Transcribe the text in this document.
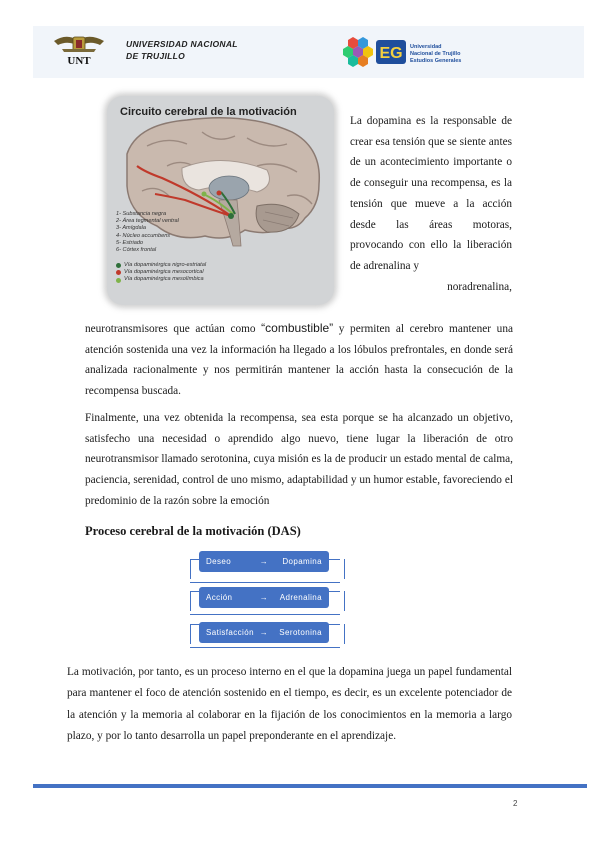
UNT
UNIVERSIDAD NACIONAL
DE TRUJILLO	EG Universidad
Nacional de Trujillo
Estudios Generales
Circuito cerebral de la motivación
1- Substancia negra
2- Área tegmental ventral
3- Amígdala
4- Núcleo accumbens
5- Estriado
6- Córtex frontal
Vía dopaminérgica nigro-estriatal
Vía dopaminérgica mesocortical
Vía dopaminérgica mesolímbica
La dopamina es la responsable de crear esa tensión que se siente antes de un acontecimiento importante o de conseguir una recompensa, es la tensión que mueve a la acción desde las áreas motoras, provocando con ello la liberación de adrenalina y
noradrenalina,
neurotransmisores que actúan como “combustible” y permiten al cerebro mantener una atención sostenida una vez la información ha llegado a los lóbulos prefrontales, en donde será analizada racionalmente y nos permitirán mantener la acción hasta la consecución de la recompensa buscada.
Finalmente, una vez obtenida la recompensa, sea esta porque se ha alcanzado un objetivo, satisfecho una necesidad o aprendido algo nuevo, tiene lugar la liberación de otro neurotransmisor llamado serotonina, cuya misión es la de producir un estado mental de calma, paciencia, serenidad, control de uno mismo, adaptabilidad y un humor estable, favoreciendo el predominio de la razón sobre la emoción
Proceso cerebral de la motivación (DAS)
Deseo	→	Dopamina
Acción	→	Adrenalina
Satisfacción →	Serotonina
La motivación, por tanto, es un proceso interno en el que la dopamina juega un papel fundamental para mantener el foco de atención sostenido en el tiempo, es decir, es un excelente potenciador de la atención y la memoria al colaborar en la fijación de los conocimientos en la memoria a largo plazo, y por lo tanto desarrolla un papel preponderante en el aprendizaje.
2
